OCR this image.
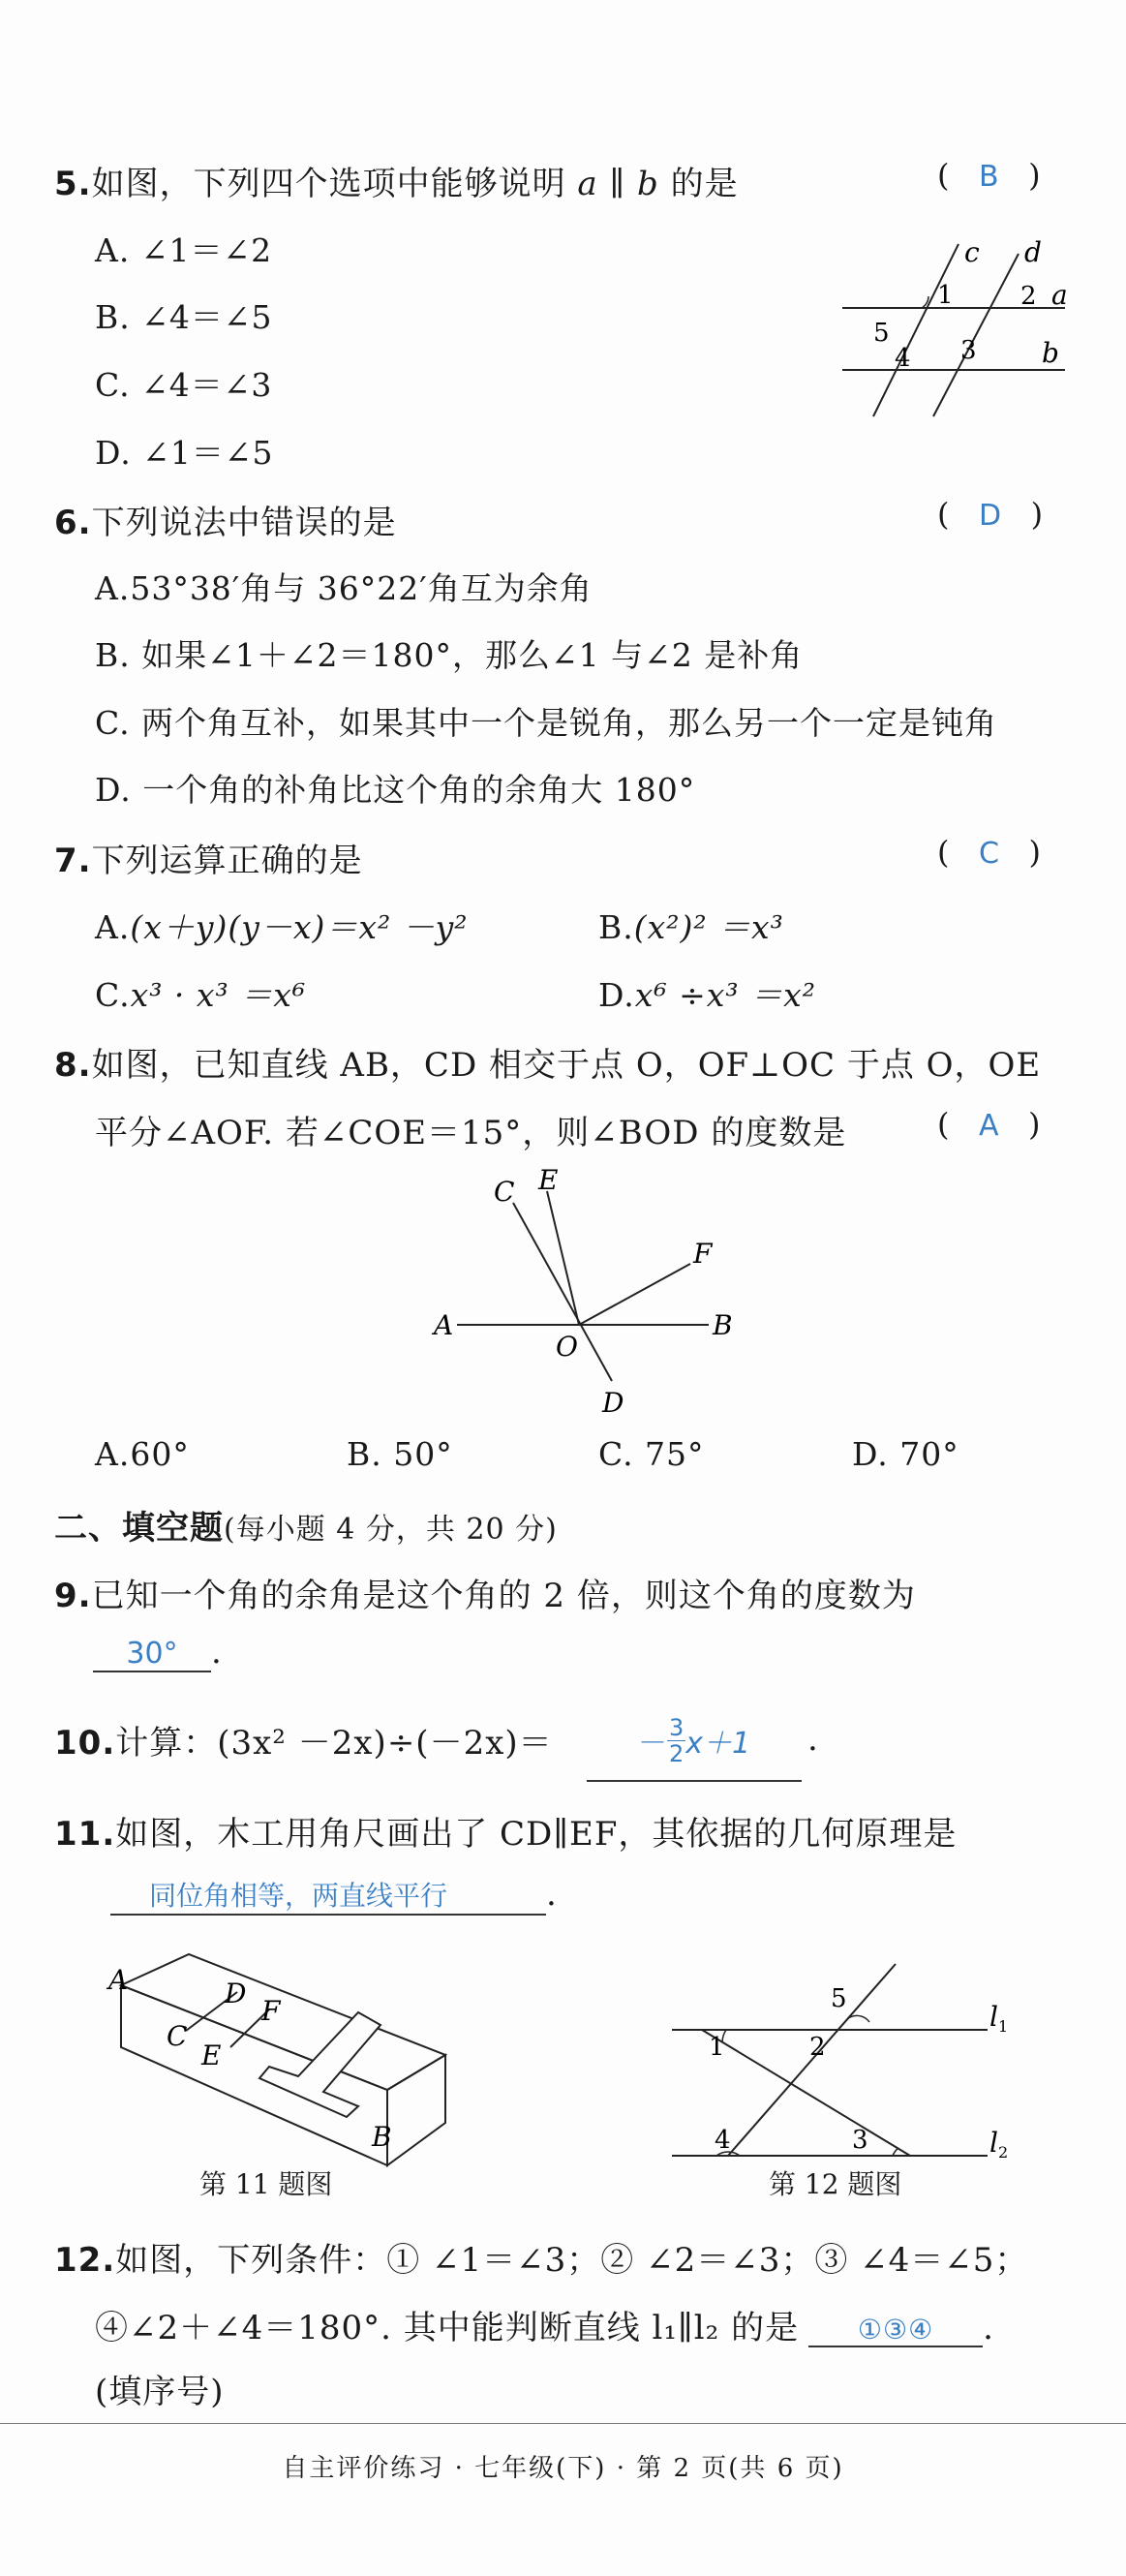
5.如图，下列四个选项中能够说明 a ∥ b 的是	(   B   )
A. ∠1＝∠2
B. ∠4＝∠5
C. ∠4＝∠3
D. ∠1＝∠5
c d
a
b
1	2
3
4
5
6.下列说法中错误的是	(   D   )
A.53°38′角与 36°22′角互为余角
B. 如果∠1＋∠2＝180°，那么∠1 与∠2 是补角
C. 两个角互补，如果其中一个是锐角，那么另一个一定是钝角
D. 一个角的补角比这个角的余角大 180°
7.下列运算正确的是	(   C   )
A.(x＋y)(y－x)＝x² －y²	B.(x²)² ＝x³
C.x³ · x³ ＝x⁶	D.x⁶ ÷x³ ＝x²
8.如图，已知直线 AB，CD 相交于点 O，OF⊥OC 于点 O，OE
平分∠AOF. 若∠COE＝15°，则∠BOD 的度数是	(   A   )
A	B
C
D
E
F
O
A.60°	B. 50°	C. 75°	D. 70°
二、填空题(每小题 4 分，共 20 分)
9.已知一个角的余角是这个角的 2 倍，则这个角的度数为
30° .
10.计算：(3x² －2x)÷(－2x)＝	－ $\frac{3}{2} x+1$ .
11.如图，木工用角尺画出了 CD∥EF，其依据的几何原理是
同位角相等，两直线平行	.
A
B
C
D
E
F
第 11 题图
$l_1$
$l_2$
1	2
3
4
5
第 12 题图
12.如图，下列条件：① ∠1＝∠3；② ∠2＝∠3；③ ∠4＝∠5；
④∠2＋∠4＝180°. 其中能判断直线 l₁∥l₂ 的是 ①③④ .
(填序号)
自主评价练习 · 七年级(下) · 第 2 页(共 6 页)
